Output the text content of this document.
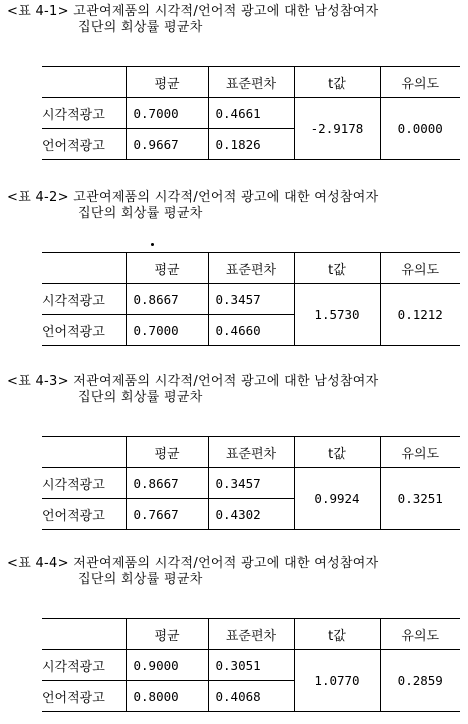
<표 4-1> 고관여제품의 시각적/언어적 광고에 대한 남성참여자
집단의 회상률 평균차
	평균	표준편차	t값	유의도
시각적광고	0.7000	0.4661	-2.9178	0.0000
언어적광고	0.9667	0.1826		
<표 4-2> 고관여제품의 시각적/언어적 광고에 대한 여성참여자
집단의 회상률 평균차
	평균	표준편차	t값	유의도
시각적광고	0.8667	0.3457	1.5730	0.1212
언어적광고	0.7000	0.4660		
<표 4-3> 저관여제품의 시각적/언어적 광고에 대한 남성참여자
집단의 회상률 평균차
	평균	표준편차	t값	유의도
시각적광고	0.8667	0.3457	0.9924	0.3251
언어적광고	0.7667	0.4302		
<표 4-4> 저관여제품의 시각적/언어적 광고에 대한 여성참여자
집단의 회상률 평균차
	평균	표준편차	t값	유의도
시각적광고	0.9000	0.3051	1.0770	0.2859
언어적광고	0.8000	0.4068		
